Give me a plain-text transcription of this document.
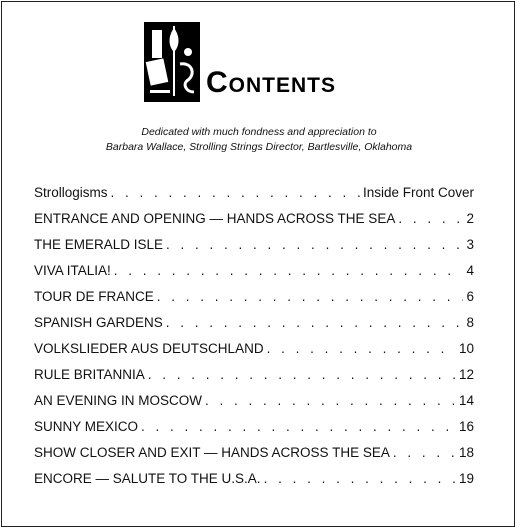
Contents
Dedicated with much fondness and appreciation to
Barbara Wallace, Strolling Strings Director, Bartlesville, Oklahoma
Strollogisms . . .	Inside Front Cover
ENTRANCE AND OPENING — HANDS ACROSS THE SEA . . .	2
THE EMERALD ISLE . . .	3
VIVA ITALIA! . . .	4
TOUR DE FRANCE . . .	6
SPANISH GARDENS . . .	8
VOLKSLIEDER AUS DEUTSCHLAND . . .	10
RULE BRITANNIA . . .	12
AN EVENING IN MOSCOW . . .	14
SUNNY MEXICO . . .	16
SHOW CLOSER AND EXIT — HANDS ACROSS THE SEA . . .	18
ENCORE — SALUTE TO THE U.S.A. . . .	19
